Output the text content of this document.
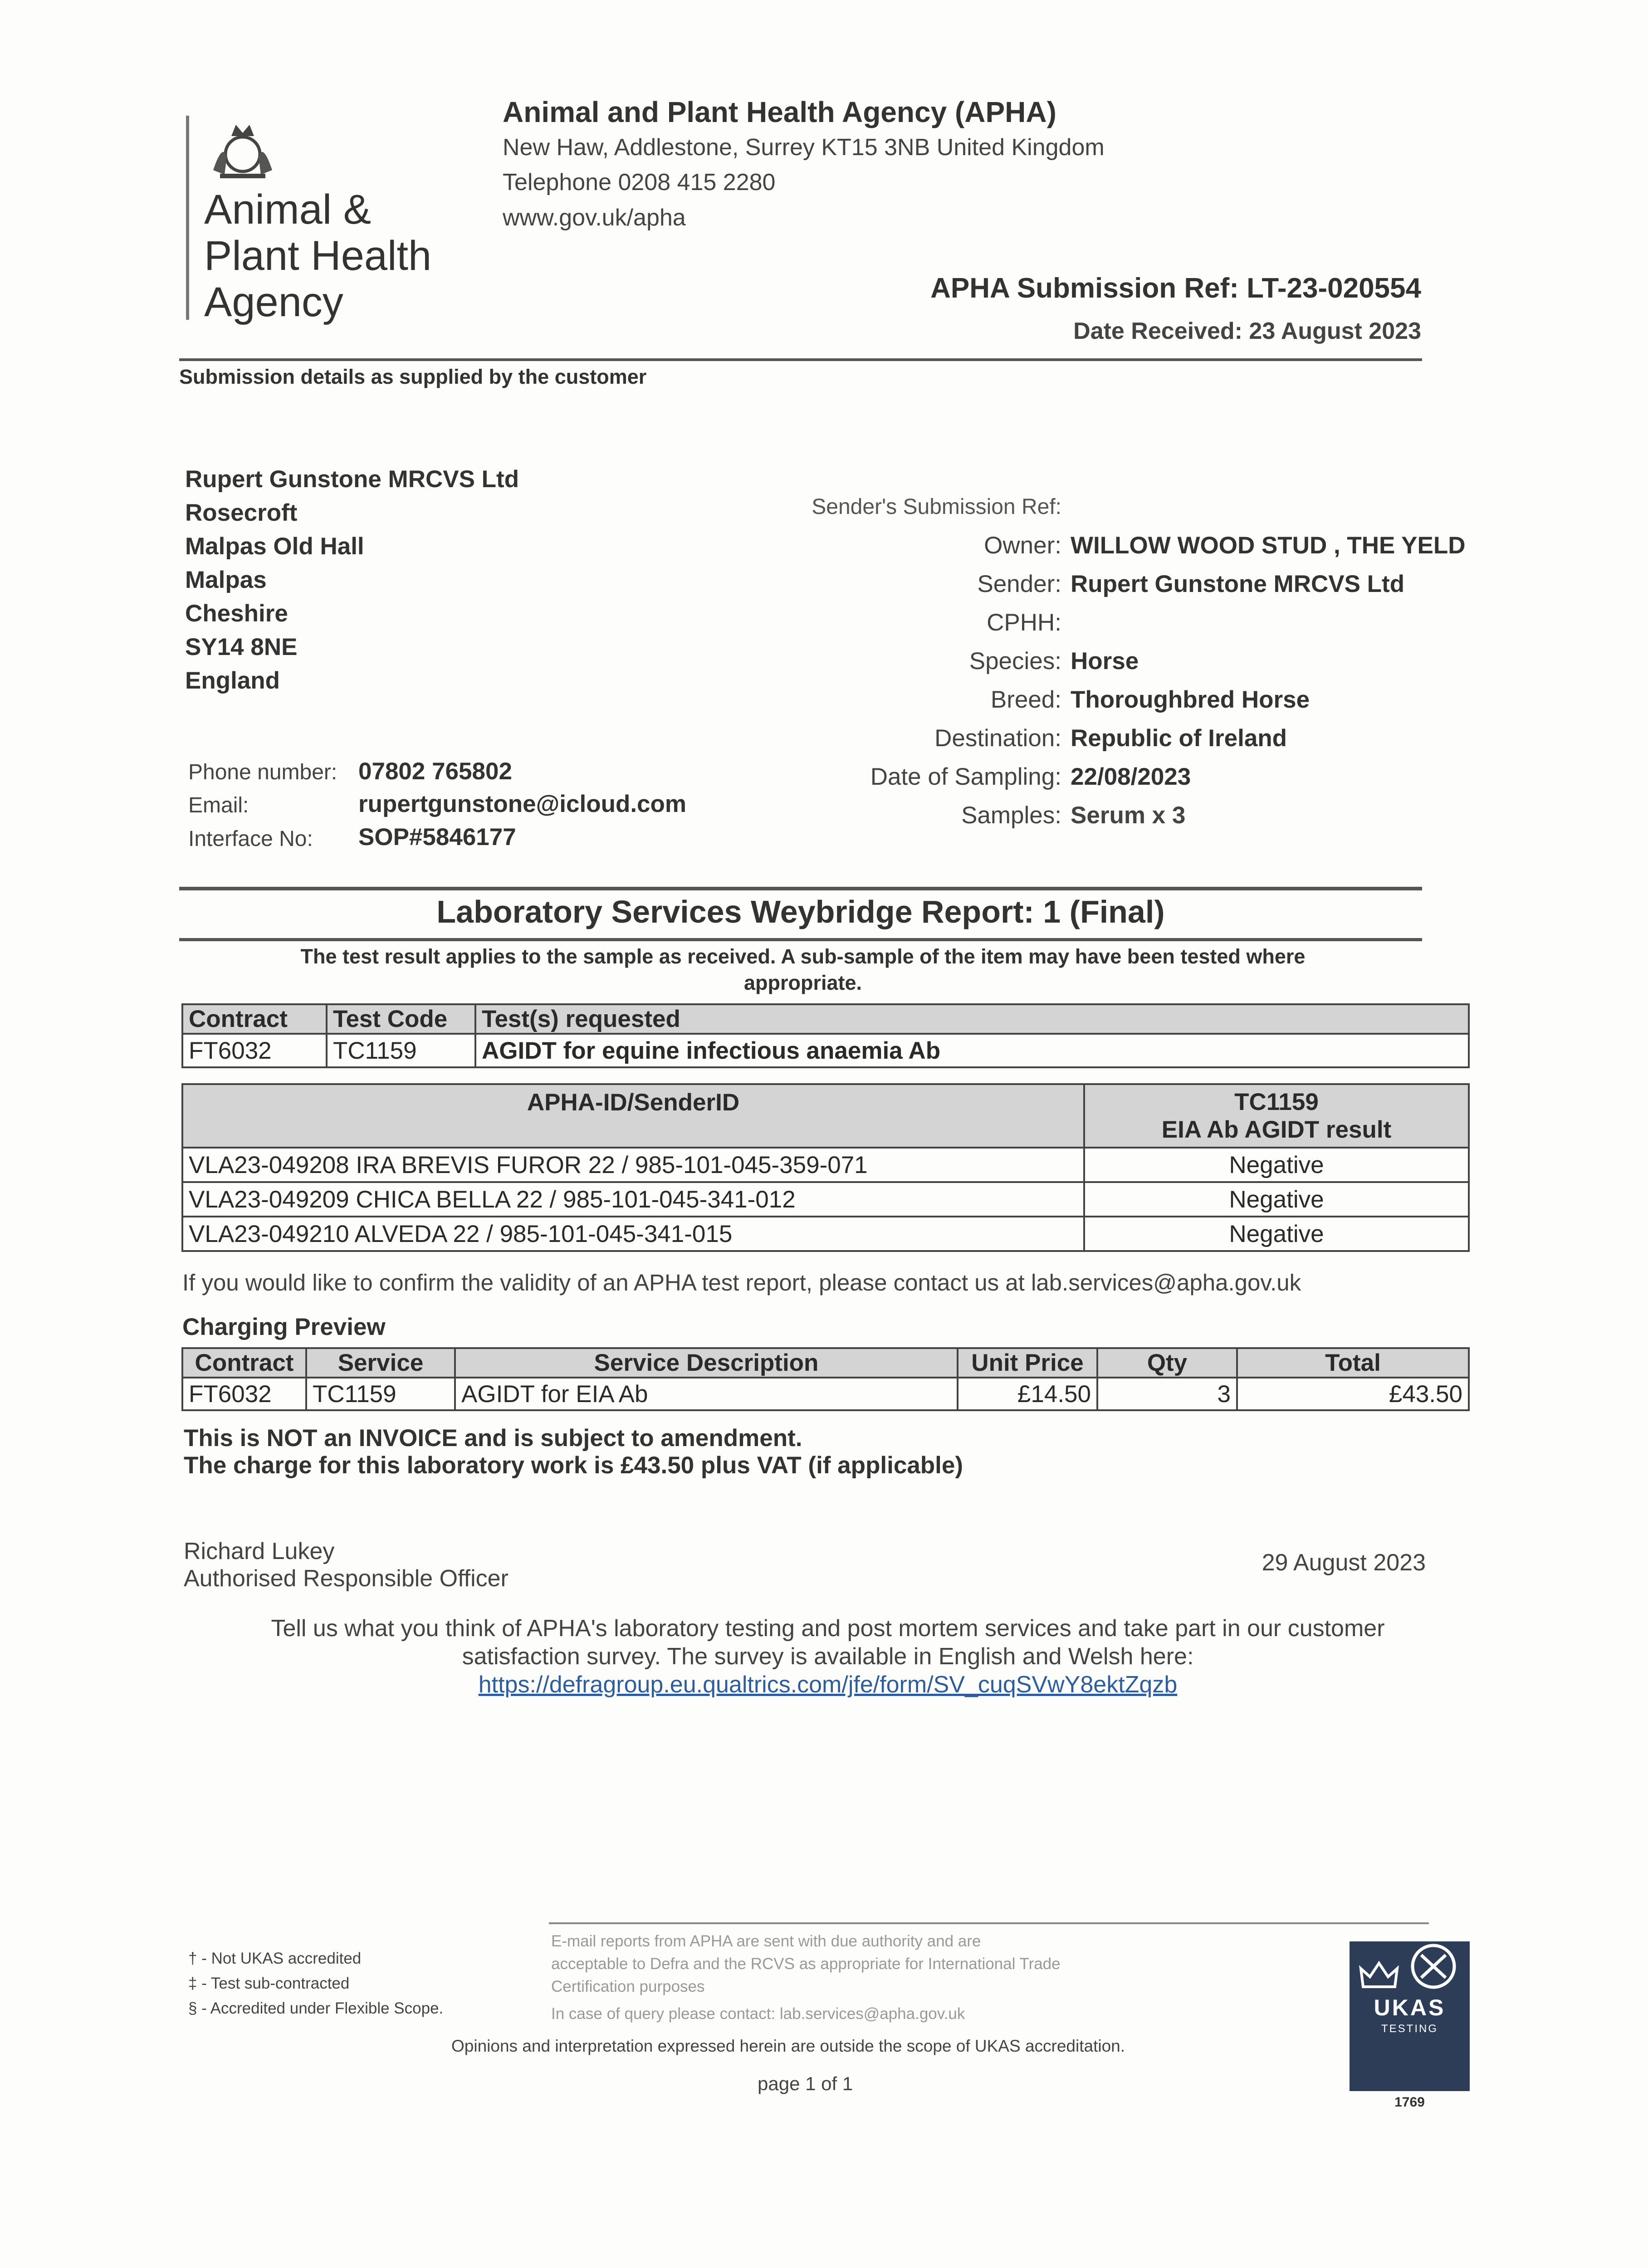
Animal &
Plant Health
Agency
Animal and Plant Health Agency (APHA)
New Haw, Addlestone, Surrey KT15 3NB United Kingdom
Telephone 0208 415 2280
www.gov.uk/apha
APHA Submission Ref: LT-23-020554
Date Received: 23 August 2023
Submission details as supplied by the customer
Rupert Gunstone MRCVS Ltd
Rosecroft
Malpas Old Hall
Malpas
Cheshire
SY14 8NE
England
Phone number: 07802 765802
Email:	rupertgunstone@icloud.com
Interface No: SOP#5846177
Sender's Submission Ref:
Owner: WILLOW WOOD STUD , THE YELD
Sender: Rupert Gunstone MRCVS Ltd
CPHH:
Species: Horse
Breed: Thoroughbred Horse
Destination: Republic of Ireland
Date of Sampling: 22/08/2023
Samples: Serum x 3
Laboratory Services Weybridge Report: 1 (Final)
The test result applies to the sample as received. A sub-sample of the item may have been tested where appropriate.
Contract	Test Code	Test(s) requested
FT6032	TC1159	AGIDT for equine infectious anaemia Ab
APHA-ID/SenderID	TC1159
EIA Ab AGIDT result

VLA23-049208 IRA BREVIS FUROR 22 / 985-101-045-359-071	Negative
VLA23-049209 CHICA BELLA 22 / 985-101-045-341-012	Negative
VLA23-049210 ALVEDA 22 / 985-101-045-341-015	Negative
If you would like to confirm the validity of an APHA test report, please contact us at lab.services@apha.gov.uk
Charging Preview
Contract	Service	Service Description	Unit Price	Qty	Total
FT6032	TC1159	AGIDT for EIA Ab	£14.50	3	£43.50
This is NOT an INVOICE and is subject to amendment.
The charge for this laboratory work is £43.50 plus VAT (if applicable)
Richard Lukey
Authorised Responsible Officer
29 August 2023
Tell us what you think of APHA's laboratory testing and post mortem services and take part in our customer
satisfaction survey. The survey is available in English and Welsh here:
https://defragroup.eu.qualtrics.com/jfe/form/SV_cuqSVwY8ektZqzb
† - Not UKAS accredited
‡ - Test sub-contracted
§ - Accredited under Flexible Scope.
E-mail reports from APHA are sent with due authority and are
acceptable to Defra and the RCVS as appropriate for International Trade
Certification purposes
In case of query please contact: lab.services@apha.gov.uk
Opinions and interpretation expressed herein are outside the scope of UKAS accreditation.
page 1 of 1

UKAS
TESTING
1769
